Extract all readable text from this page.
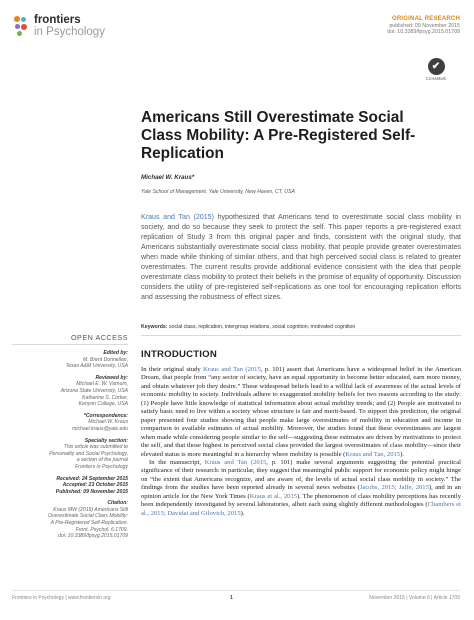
frontiers
in Psychology
ORIGINAL RESEARCH
published: 09 November 2015
doi: 10.3389/fpsyg.2015.01709
✔
CrossMark
Americans Still Overestimate Social Class Mobility: A Pre-Registered Self-Replication
Michael W. Kraus*
Yale School of Management, Yale University, New Haven, CT, USA
Kraus and Tan (2015) hypothesized that Americans tend to overestimate social class mobility in society, and do so because they seek to protect the self. This paper reports a pre-registered exact replication of Study 3 from this original paper and finds, consistent with the original study, that Americans substantially overestimate social class mobility, that people provide greater overestimates when made while thinking of similar others, and that high perceived social class is related to greater overestimates. The current results provide additional evidence consistent with the idea that people overestimate class mobility to protect their beliefs in the promise of equality of opportunity. Discussion considers the utility of pre-registered self-replications as one tool for encouraging replication efforts and assessing the robustness of effect sizes.
Keywords: social class, replication, intergroup relations, social cognition, motivated cognition
OPEN ACCESS
Edited by:
M. Brent Donnellan,
Texas A&M University, USA
Reviewed by:
Michael E. W. Varnum,
Arizona State University, USA
Katherine S. Corker,
Kenyon College, USA
*Correspondence:
Michael W. Kraus
michael.kraus@yale.edu
Specialty section:
This article was submitted to
Personality and Social Psychology,
a section of the journal
Frontiers in Psychology
Received: 24 September 2015
Accepted: 23 October 2015
Published: 09 November 2015
Citation:
Kraus MW (2015) Americans Still
Overestimate Social Class Mobility:
A Pre-Registered Self-Replication.
Front. Psychol. 6:1709.
doi: 10.3389/fpsyg.2015.01709
INTRODUCTION

In their original study Kraus and Tan (2015, p. 101) assert that Americans have a widespread belief in the American Dream, that people from “any sector of society, have an equal opportunity to become better educated, earn more money, and obtain whatever job they desire.” These widespread beliefs lead to a willful lack of awareness of the actual levels of economic mobility in society. Individuals adhere to exaggerated mobility beliefs for two reasons according to the study: (1) People have little knowledge of statistical information about actual mobility trends; and (2) People are motivated to satisfy basic need to live within a society whose structure is fair and merit-based. To support this prediction, the original paper presented four studies showing that people make large overestimates of mobility in education and income in comparison to available estimates of actual mobility. Moreover, the studies found that these overestimates are largest when made while considering people similar to the self—suggesting these estimates are driven by motivations to protect the self, and that those highest in perceived social class provided the largest overestimates of class mobility—since their elevated status is more meaningful in a hierarchy where mobility is possible (Kraus and Tan, 2015).

In the manuscript, Kraus and Tan (2015, p. 101) make several arguments suggesting the potential practical significance of their research: in particular, they suggest that meaningful public support for economic policy might hinge on “the extent that Americans recognize, and are aware of, the levels of actual social class mobility in society.” The findings from the studies have been reported already in several news websites (Jacobs, 2015; Jaffe, 2015), and in an opinion article for the New York Times (Kraus et al., 2015). The phenomenon of class mobility perceptions has recently been independently investigated by several laboratories, albeit each using slightly different methodologies (Chambers et al., 2015; Davidai and Gilovich, 2015).

Frontiers in Psychology | www.frontiersin.org	1	November 2015 | Volume 6 | Article 1709
